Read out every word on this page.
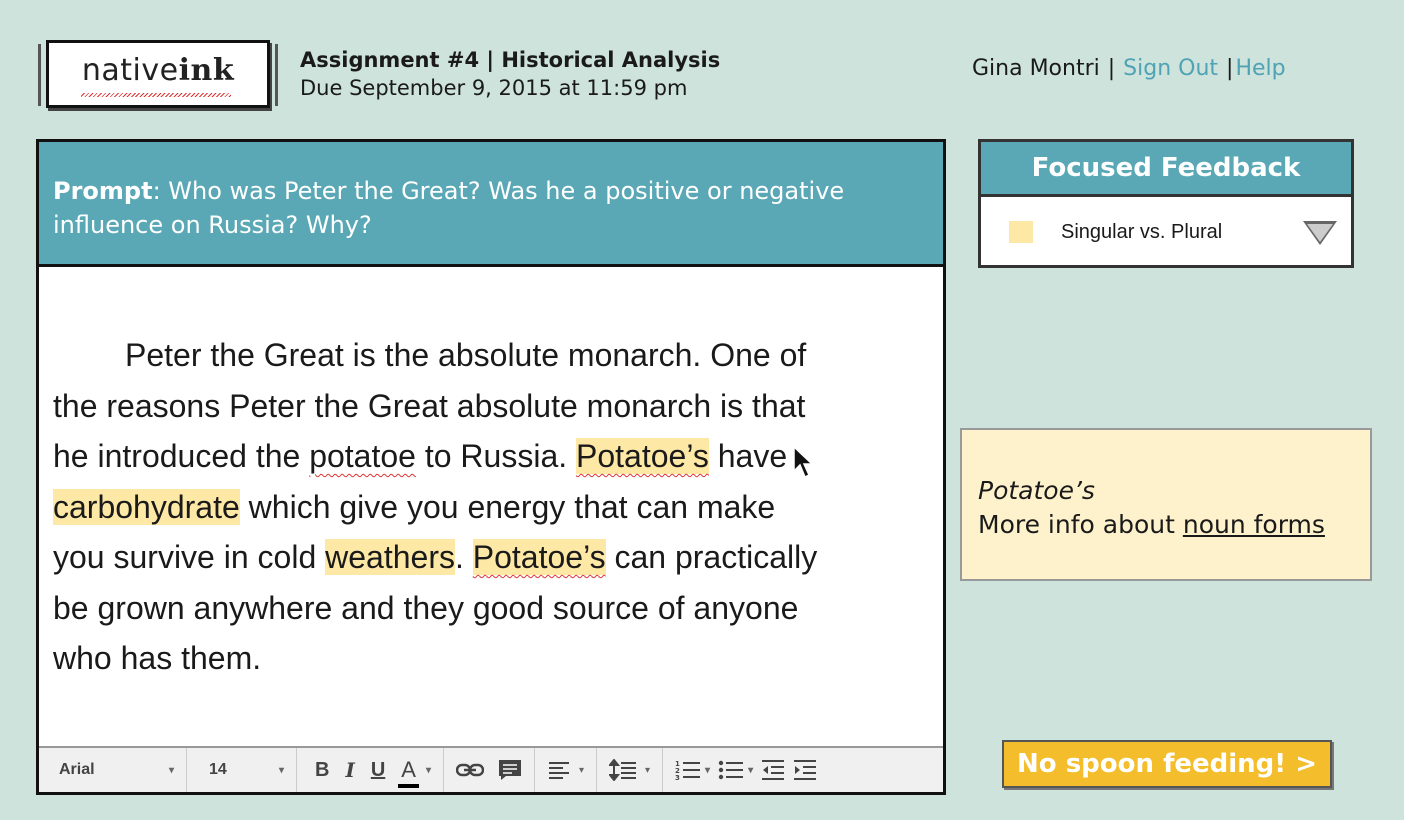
nativeink	Assignment #4 | Historical Analysis
Due September 9, 2015 at 11:59 pm
Gina Montri | Sign Out |Help
Prompt: Who was Peter the Great? Was he a positive or negative influence on Russia? Why?
Peter the Great is the absolute monarch. One of
the reasons Peter the Great absolute monarch is that
he introduced the potatoe to Russia. Potatoe’s have
carbohydrate which give you energy that can make
you survive in cold weathers. Potatoe’s can practically
be grown anywhere and they good source of anyone
who has them.
Arial	▾ 14	▾ B I U A ▾	▾	▾
1
2
3
▾	▾
Focused Feedback
Singular vs. Plural
Potatoe’s
More info about noun forms
No spoon feeding! >
